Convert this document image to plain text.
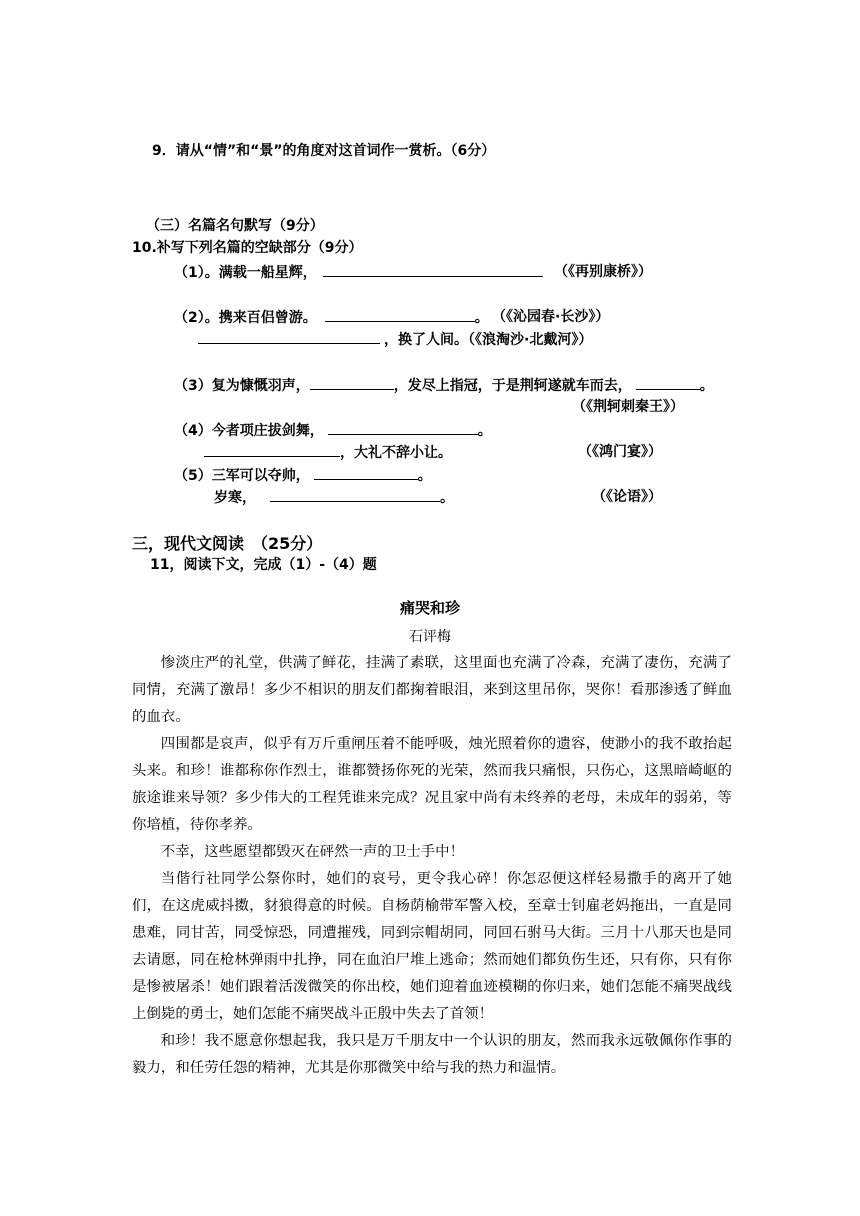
9．请从“情”和“景”的角度对这首词作一赏析。（6分）
（三）名篇名句默写（9分）
10.补写下列名篇的空缺部分（9分）
（1）。满载一船星辉，	（《再别康桥》）
（2）。携来百侣曾游。	。 （《沁园春·长沙》）
，换了人间。（《浪淘沙·北戴河》）
（3）复为慷慨羽声，	，发尽上指冠，于是荆轲遂就车而去，	。
（《荆轲刺秦王》）
（4）今者项庄拔剑舞，	。
，大礼不辞小让。	（《鸿门宴》）
（5）三军可以夺帅，	。
岁寒，	。	（《论语》）
三，现代文阅读　（25分）
11，阅读下文，完成（1）-（4）题
痛哭和珍
石评梅
惨淡庄严的礼堂，供满了鲜花，挂满了素联，这里面也充满了冷森，充满了凄伤，充满了同情，充满了激昂！多少不相识的朋友们都掬着眼泪，来到这里吊你，哭你！看那渗透了鲜血的血衣。
四围都是哀声，似乎有万斤重闸压着不能呼吸，烛光照着你的遗容，使渺小的我不敢抬起头来。和珍！谁都称你作烈士，谁都赞扬你死的光荣，然而我只痛恨，只伤心，这黑暗崎岖的旅途谁来导领？多少伟大的工程凭谁来完成？况且家中尚有未终养的老母，未成年的弱弟，等你培植，待你孝养。
不幸，这些愿望都毁灭在砰然一声的卫士手中！
当偕行社同学公祭你时，她们的哀号，更令我心碎！你怎忍便这样轻易撒手的离开了她们，在这虎威抖擞，豺狼得意的时候。自杨荫榆带军警入校，至章士钊雇老妈拖出，一直是同患难，同甘苦，同受惊恐，同遭摧残，同到宗帽胡同，同回石驸马大街。三月十八那天也是同去请愿，同在枪林弹雨中扎挣，同在血泊尸堆上逃命；然而她们都负伤生还，只有你，只有你是惨被屠杀！她们跟着活泼微笑的你出校，她们迎着血迹模糊的你归来，她们怎能不痛哭战线上倒毙的勇士，她们怎能不痛哭战斗正殷中失去了首领！
和珍！我不愿意你想起我，我只是万千朋友中一个认识的朋友，然而我永远敬佩你作事的毅力，和任劳任怨的精神，尤其是你那微笑中给与我的热力和温情。
